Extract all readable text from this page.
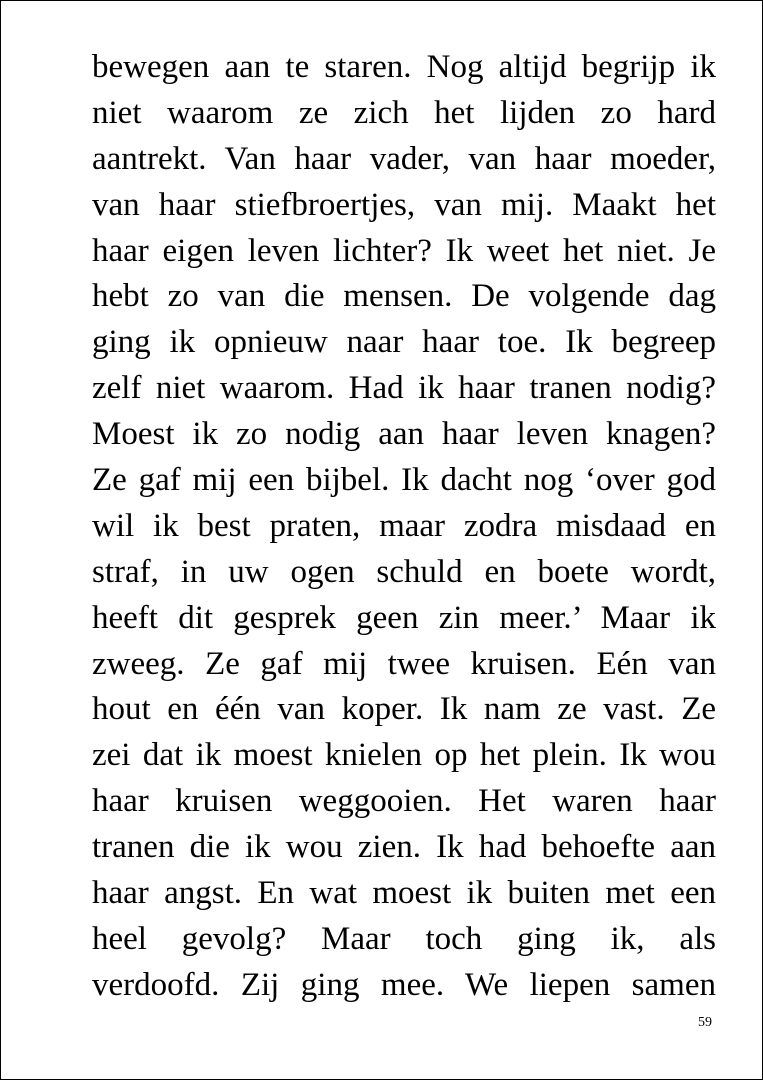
bewegen aan te staren. Nog altijd begrijp ik
niet waarom ze zich het lijden zo hard
aantrekt. Van haar vader, van haar moeder,
van haar stiefbroertjes, van mij. Maakt het
haar eigen leven lichter? Ik weet het niet. Je
hebt zo van die mensen. De volgende dag
ging ik opnieuw naar haar toe. Ik begreep
zelf niet waarom. Had ik haar tranen nodig?
Moest ik zo nodig aan haar leven knagen?
Ze gaf mij een bijbel. Ik dacht nog ‘over god
wil ik best praten, maar zodra misdaad en
straf, in uw ogen schuld en boete wordt,
heeft dit gesprek geen zin meer.’ Maar ik
zweeg. Ze gaf mij twee kruisen. Eén van
hout en één van koper. Ik nam ze vast. Ze
zei dat ik moest knielen op het plein. Ik wou
haar kruisen weggooien. Het waren haar
tranen die ik wou zien. Ik had behoefte aan
haar angst. En wat moest ik buiten met een
heel gevolg? Maar toch ging ik, als
verdoofd. Zij ging mee. We liepen samen
59
